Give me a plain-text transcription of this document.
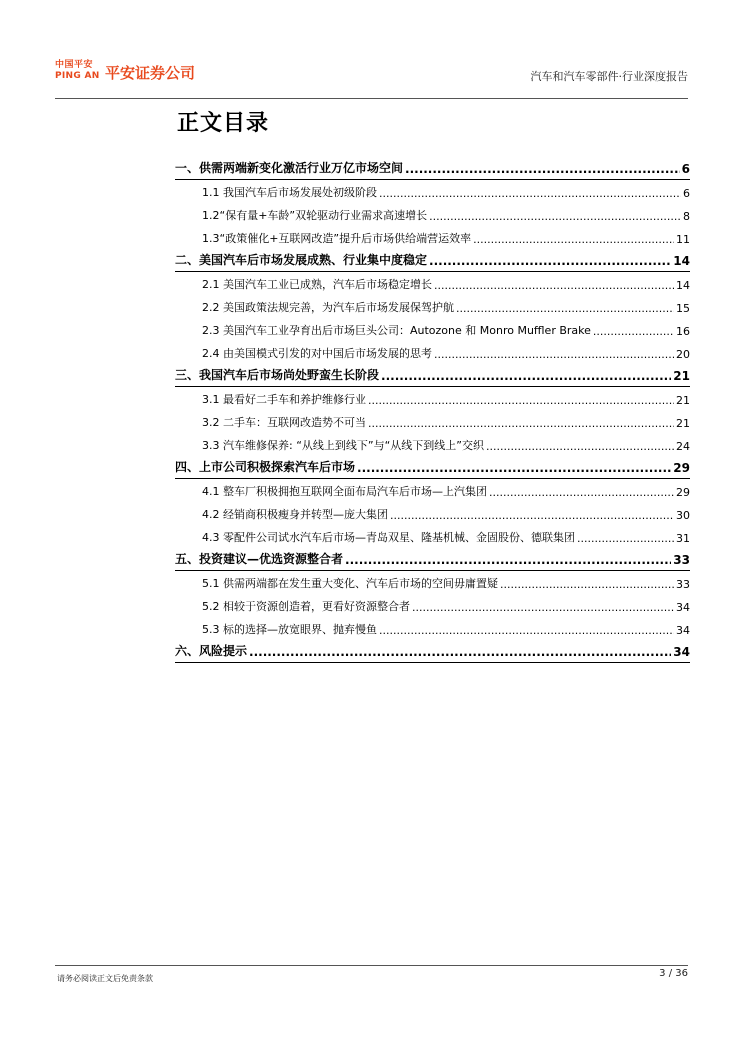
中国平安
PING AN 平安证券公司	汽车和汽车零部件·行业深度报告
正文目录
一、供需两端新变化激活行业万亿市场空间 .....	6
1.1 我国汽车后市场发展处初级阶段 .....	6
1.2“保有量+车龄”双轮驱动行业需求高速增长 .....	8
1.3“政策催化+互联网改造”提升后市场供给端营运效率 .....	11
二、美国汽车后市场发展成熟、行业集中度稳定 .....	14
2.1 美国汽车工业已成熟，汽车后市场稳定增长 .....	14
2.2 美国政策法规完善，为汽车后市场发展保驾护航 .....	15
2.3 美国汽车工业孕育出后市场巨头公司：Autozone 和 Monro Muffler Brake .....	16
2.4 由美国模式引发的对中国后市场发展的思考 .....	20
三、我国汽车后市场尚处野蛮生长阶段 .....	21
3.1 最看好二手车和养护维修行业 .....	21
3.2 二手车：互联网改造势不可当 .....	21
3.3 汽车维修保养: “从线上到线下”与“从线下到线上”交织 .....	24
四、上市公司积极探索汽车后市场 .....	29
4.1 整车厂积极拥抱互联网全面布局汽车后市场—上汽集团 .....	29
4.2 经销商积极瘦身并转型—庞大集团 .....	30
4.3 零配件公司试水汽车后市场—青岛双星、隆基机械、金固股份、德联集团 .....	31
五、投资建议—优选资源整合者 .....	33
5.1 供需两端都在发生重大变化、汽车后市场的空间毋庸置疑 .....	33
5.2 相较于资源创造着，更看好资源整合者 .....	34
5.3 标的选择—放宽眼界、抛弃慢鱼 .....	34
六、风险提示 .....	34
请务必阅读正文后免责条款	3 / 36
